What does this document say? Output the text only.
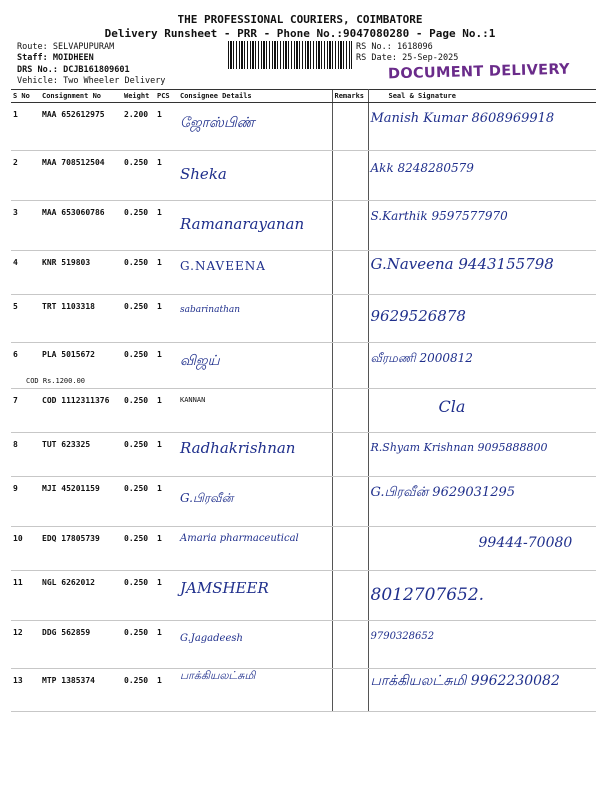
THE PROFESSIONAL COURIERS, COIMBATORE
Delivery Runsheet - PRR - Phone No.:9047080280 - Page No.:1
Route: SELVAPUPURAM
Staff: MOIDHEEN
DRS No.: DCJB161809601
Vehicle: Two Wheeler Delivery
RS No.: 1618096
RS Date: 25-Sep-2025
DOCUMENT DELIVERY
S No	Consignment No	Weight	PCS	Consignee Details	Remarks	Seal & Signature
1	MAA 652612975	2.200	1	ஜோஸ்பிண்		Manish Kumar 8608969918
2	MAA 708512504	0.250	1	Sheka		Akk 8248280579
3	MAA 653060786	0.250	1	Ramanarayanan		S.Karthik 9597577970
4	KNR 519803	0.250	1	G.NAVEENA		G.Naveena 9443155798
5	TRT 1103318	0.250	1	sabarinathan		9629526878
6	PLA 5015672	0.250	1	விஜய்		வீரமணி 2000812
7	COD 1112311376	0.250	1	KANNAN		Cla
8	TUT 623325	0.250	1	Radhakrishnan		R.Shyam Krishnan 9095888800
9	MJI 45201159	0.250	1	G.பிரவீன்		G.பிரவீன் 9629031295
10	EDQ 17805739	0.250	1	Amaria pharmaceutical		99444-70080
11	NGL 6262012	0.250	1	JAMSHEER		8012707652.
12	DDG 562859	0.250	1	G.Jagadeesh		9790328652
13	MTP 1385374	0.250	1	பாக்கியலட்சுமி		பாக்கியலட்சுமி 9962230082
COD Rs.1200.00
